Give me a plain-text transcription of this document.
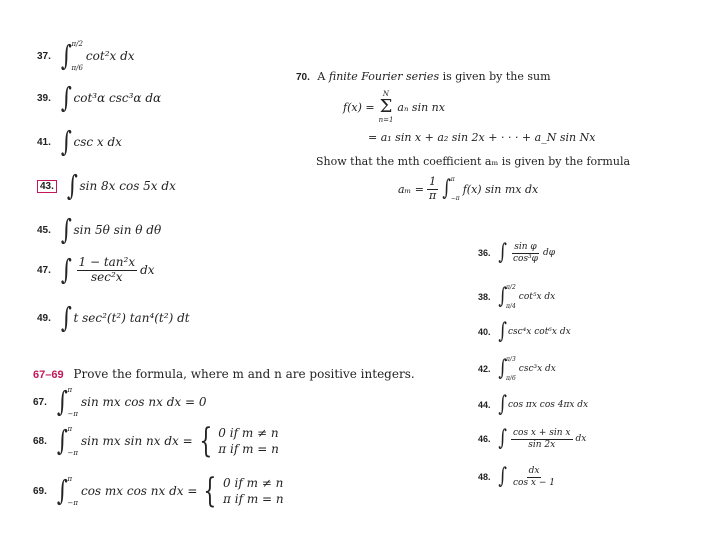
37. ∫ π/2
π/6
cot²x dx
39. ∫ cot³α csc³α dα
41. ∫ csc x dx
43. ∫ sin 8x cos 5x dx
45. ∫ sin 5θ sin θ dθ
47. ∫ $\frac{\text{1 − tan²x}}{\text{sec²x}}$ dx
49. ∫ t sec²(t²) tan⁴(t²) dt
67–69 Prove the formula, where m and n are positive integers.
67. ∫ π
−π
sin mx cos nx dx = 0
68. ∫ π
−π
sin mx sin nx dx = { 0 if m ≠ n
π if m = n
69. ∫ π
−π
cos mx cos nx dx = { 0 if m ≠ n
π if m = n
70. A finite Fourier series is given by the sum
f(x) =
N
Σ
n=1
aₙ sin nx
= a₁ sin x + a₂ sin 2x + · · · + a_N sin Nx
Show that the mth coefficient aₘ is given by the formula
$a_m = \frac{1}{\pi}$ ∫ π
−π
f(x) sin mx dx
36. ∫ $\frac{\text{sin φ}}{\text{cos³φ}}$ dφ
38. ∫ π/2
π/4
cot⁵x dx
40. ∫ csc⁴x cot⁶x dx
42. ∫ π/3
π/6
csc³x dx
44. ∫ cos πx cos 4πx dx
46. ∫ $\frac{\text{cos x + sin x}}{\sin 2x}$ dx
48. ∫ $\frac{dx}{\text{cos x − 1}}$
